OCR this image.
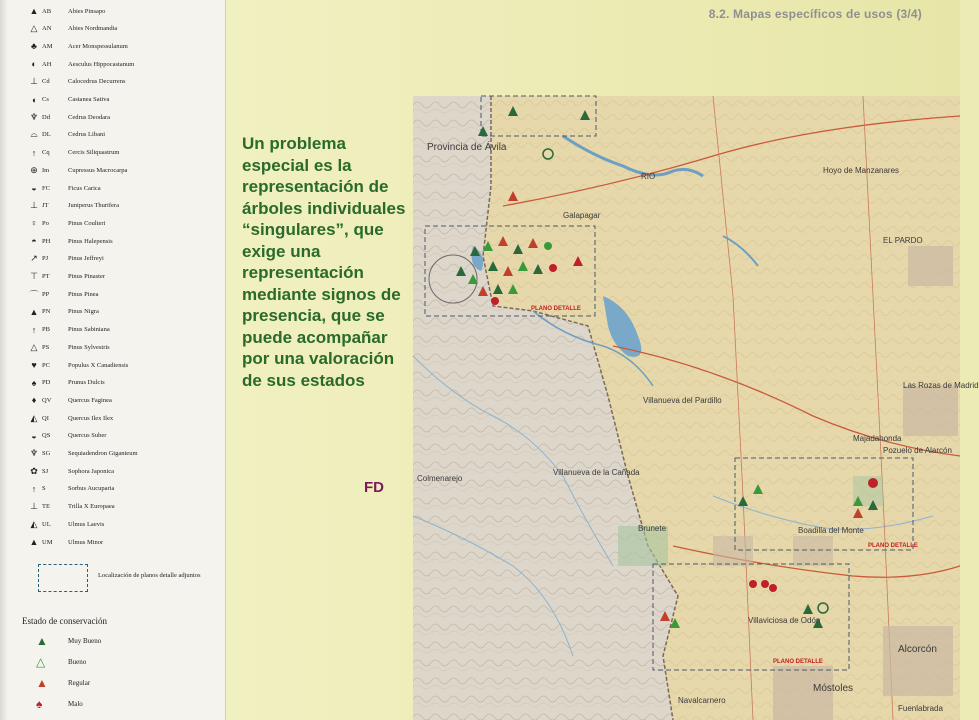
▲ AB	Abies Pinsapo
△ AN	Abies Nordmandia
♣ AM	Acer Monspessulanum
◐ AH	Aesculus Hippocastanum
⊥ Cd	Calocedrus Decurrens
◖ Cs	Castanea Sativa
♆ Dd	Cedrus Deodara
⌓ DL	Cedrus Libani
↑ Cq	Cercis Siliquastrum
⊕ Im	Cupressus Macrocarpa
◒ FC	Ficus Carica
⊥ JT	Juniperus Thurifera
♀ Po	Pinus Coulteri
◓ PH	Pinus Halepensis
↗ PJ	Pinus Jeffreyi
⊤ PT	Pinus Pinaster
⌒ PP	Pinus Pinea
▲ PN	Pinus Nigra
↑ PB	Pinus Sabiniana
△ PS	Pinus Sylvestris
♥ PC	Populus X Canadiensis
♠ PD	Prunus Dulcis
♦ QV	Quercus Faginea
◭ QI	Quercus Ilex Ilex
◒ QS	Quercus Suber
♆ SG	Sequiadendron Giganteum
✿ SJ	Sophora Japonica
↑ S	Sorbus Aucuparia
⊥ TE	Trilla X Europaea
◭ UL	Ulmus Laevis
▲ UM	Ulmus Minor
Localización de planos detalle adjuntos
Estado de conservación
▲	Muy Bueno
△	Bueno
▲	Regular
♠	Malo
8.2. Mapas específicos de usos (3/4)
Un problema especial es la representación de árboles individuales “singulares”, que exige una representación mediante signos de presencia, que se puede acompañar por una valoración de sus estados
FD
Provincia de Ávila
RIO
EL PARDO
Las Rozas de Madrid
Majadahonda
Pozuelo de Alarcón
Villaviciosa de Odón
Alcorcón
Móstoles
Navalcarnero
Brunete
Villanueva de la Cañada
Villanueva del Pardillo
Colmenarejo
Hoyo de Manzanares
Fuenlabrada
Boadilla del Monte
Galapagar
PLANO DETALLE
PLANO DETALLE
PLANO DETALLE
